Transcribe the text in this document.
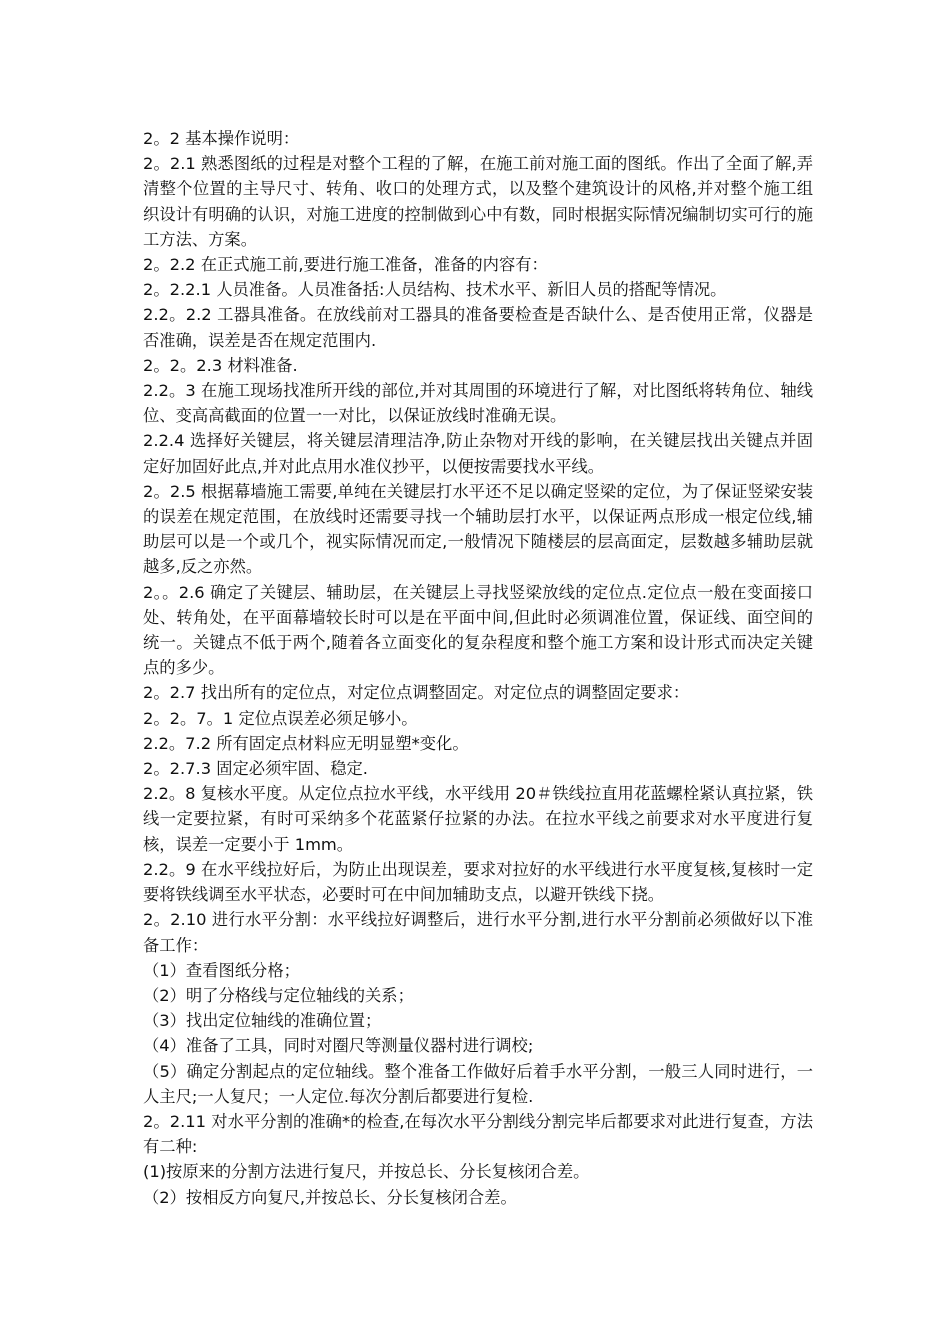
2。2 基本操作说明：

2。2.1 熟悉图纸的过程是对整个工程的了解，在施工前对施工面的图纸。作出了全面了解,弄清整个位置的主导尺寸、转角、收口的处理方式，以及整个建筑设计的风格,并对整个施工组织设计有明确的认识，对施工进度的控制做到心中有数，同时根据实际情况编制切实可行的施工方法、方案。

2。2.2 在正式施工前,要进行施工准备，准备的内容有：

2。2.2.1 人员准备。人员准备括:人员结构、技术水平、新旧人员的搭配等情况。

2.2。2.2 工器具准备。在放线前对工器具的准备要检查是否缺什么、是否使用正常，仪器是否准确，误差是否在规定范围内.

2。2。2.3 材料准备.

2.2。3 在施工现场找准所开线的部位,并对其周围的环境进行了解，对比图纸将转角位、轴线位、变高高截面的位置一一对比，以保证放线时准确无误。

2.2.4 选择好关键层，将关键层清理洁净,防止杂物对开线的影响，在关键层找出关键点并固定好加固好此点,并对此点用水准仪抄平，以便按需要找水平线。

2。2.5 根据幕墙施工需要,单纯在关键层打水平还不足以确定竖梁的定位，为了保证竖梁安装的误差在规定范围，在放线时还需要寻找一个辅助层打水平，以保证两点形成一根定位线,辅助层可以是一个或几个，视实际情况而定,一般情况下随楼层的层高面定，层数越多辅助层就越多,反之亦然。

2。。2.6 确定了关键层、辅助层，在关键层上寻找竖梁放线的定位点.定位点一般在变面接口处、转角处，在平面幕墙较长时可以是在平面中间,但此时必须调准位置，保证线、面空间的统一。关键点不低于两个,随着各立面变化的复杂程度和整个施工方案和设计形式而决定关键点的多少。

2。2.7 找出所有的定位点，对定位点调整固定。对定位点的调整固定要求：

2。2。7。1 定位点误差必须足够小。

2.2。7.2 所有固定点材料应无明显塑*变化。

2。2.7.3 固定必须牢固、稳定.

2.2。8 复核水平度。从定位点拉水平线，水平线用 20＃铁线拉直用花蓝螺栓紧认真拉紧，铁线一定要拉紧，有时可采纳多个花蓝紧仔拉紧的办法。在拉水平线之前要求对水平度进行复核，误差一定要小于 1mm。

2.2。9 在水平线拉好后，为防止出现误差，要求对拉好的水平线进行水平度复核,复核时一定要将铁线调至水平状态，必要时可在中间加辅助支点，以避开铁线下挠。

2。2.10 进行水平分割：水平线拉好调整后，进行水平分割,进行水平分割前必须做好以下准备工作：

（1）查看图纸分格；

（2）明了分格线与定位轴线的关系；

（3）找出定位轴线的准确位置；

（4）准备了工具，同时对圈尺等测量仪器村进行调校;

（5）确定分割起点的定位轴线。整个准备工作做好后着手水平分割，一般三人同时进行，一人主尺;一人复尺；一人定位.每次分割后都要进行复检.

2。2.11 对水平分割的准确*的检查,在每次水平分割线分割完毕后都要求对此进行复查，方法有二种:

(1)按原来的分割方法进行复尺，并按总长、分长复核闭合差。

（2）按相反方向复尺,并按总长、分长复核闭合差。
